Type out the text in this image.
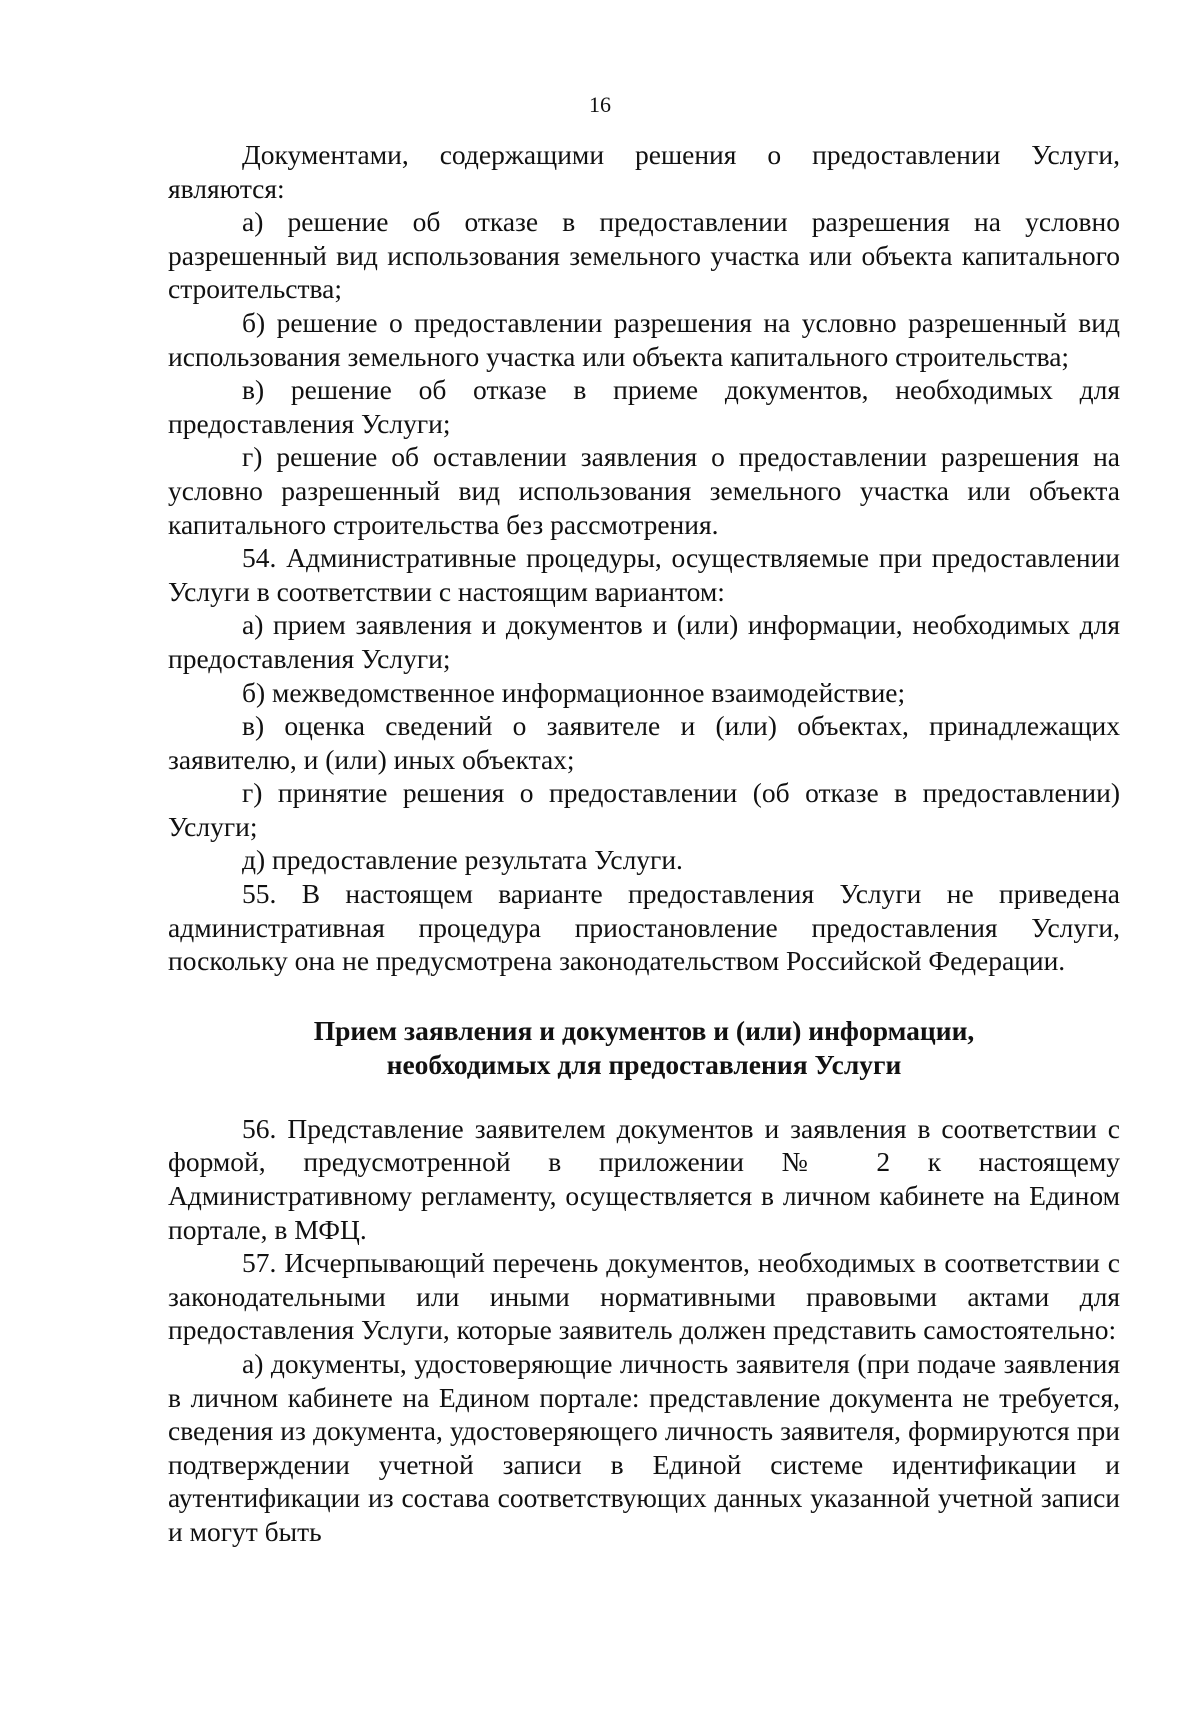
16

Документами, содержащими решения о предоставлении Услуги, являются:

а) решение об отказе в предоставлении разрешения на условно разрешенный вид использования земельного участка или объекта капитального строительства;

б) решение о предоставлении разрешения на условно разрешенный вид использования земельного участка или объекта капитального строительства;

в) решение об отказе в приеме документов, необходимых для предоставления Услуги;

г) решение об оставлении заявления о предоставлении разрешения на условно разрешенный вид использования земельного участка или объекта капитального строительства без рассмотрения.

54. Административные процедуры, осуществляемые при предоставлении Услуги в соответствии с настоящим вариантом:

а) прием заявления и документов и (или) информации, необходимых для предоставления Услуги;

б) межведомственное информационное взаимодействие;

в) оценка сведений о заявителе и (или) объектах, принадлежащих заявителю, и (или) иных объектах;

г) принятие решения о предоставлении (об отказе в предоставлении) Услуги;

д) предоставление результата Услуги.

55. В настоящем варианте предоставления Услуги не приведена административная процедура приостановление предоставления Услуги, поскольку она не предусмотрена законодательством Российской Федерации.

Прием заявления и документов и (или) информации,
необходимых для предоставления Услуги

56. Представление заявителем документов и заявления в соответствии с формой, предусмотренной в приложении № 2 к настоящему Административному регламенту, осуществляется в личном кабинете на Едином портале, в МФЦ.

57. Исчерпывающий перечень документов, необходимых в соответствии с законодательными или иными нормативными правовыми актами для предоставления Услуги, которые заявитель должен представить самостоятельно:

а) документы, удостоверяющие личность заявителя (при подаче заявления в личном кабинете на Едином портале: представление документа не требуется, сведения из документа, удостоверяющего личность заявителя, формируются при подтверждении учетной записи в Единой системе идентификации и аутентификации из состава соответствующих данных указанной учетной записи и могут быть
